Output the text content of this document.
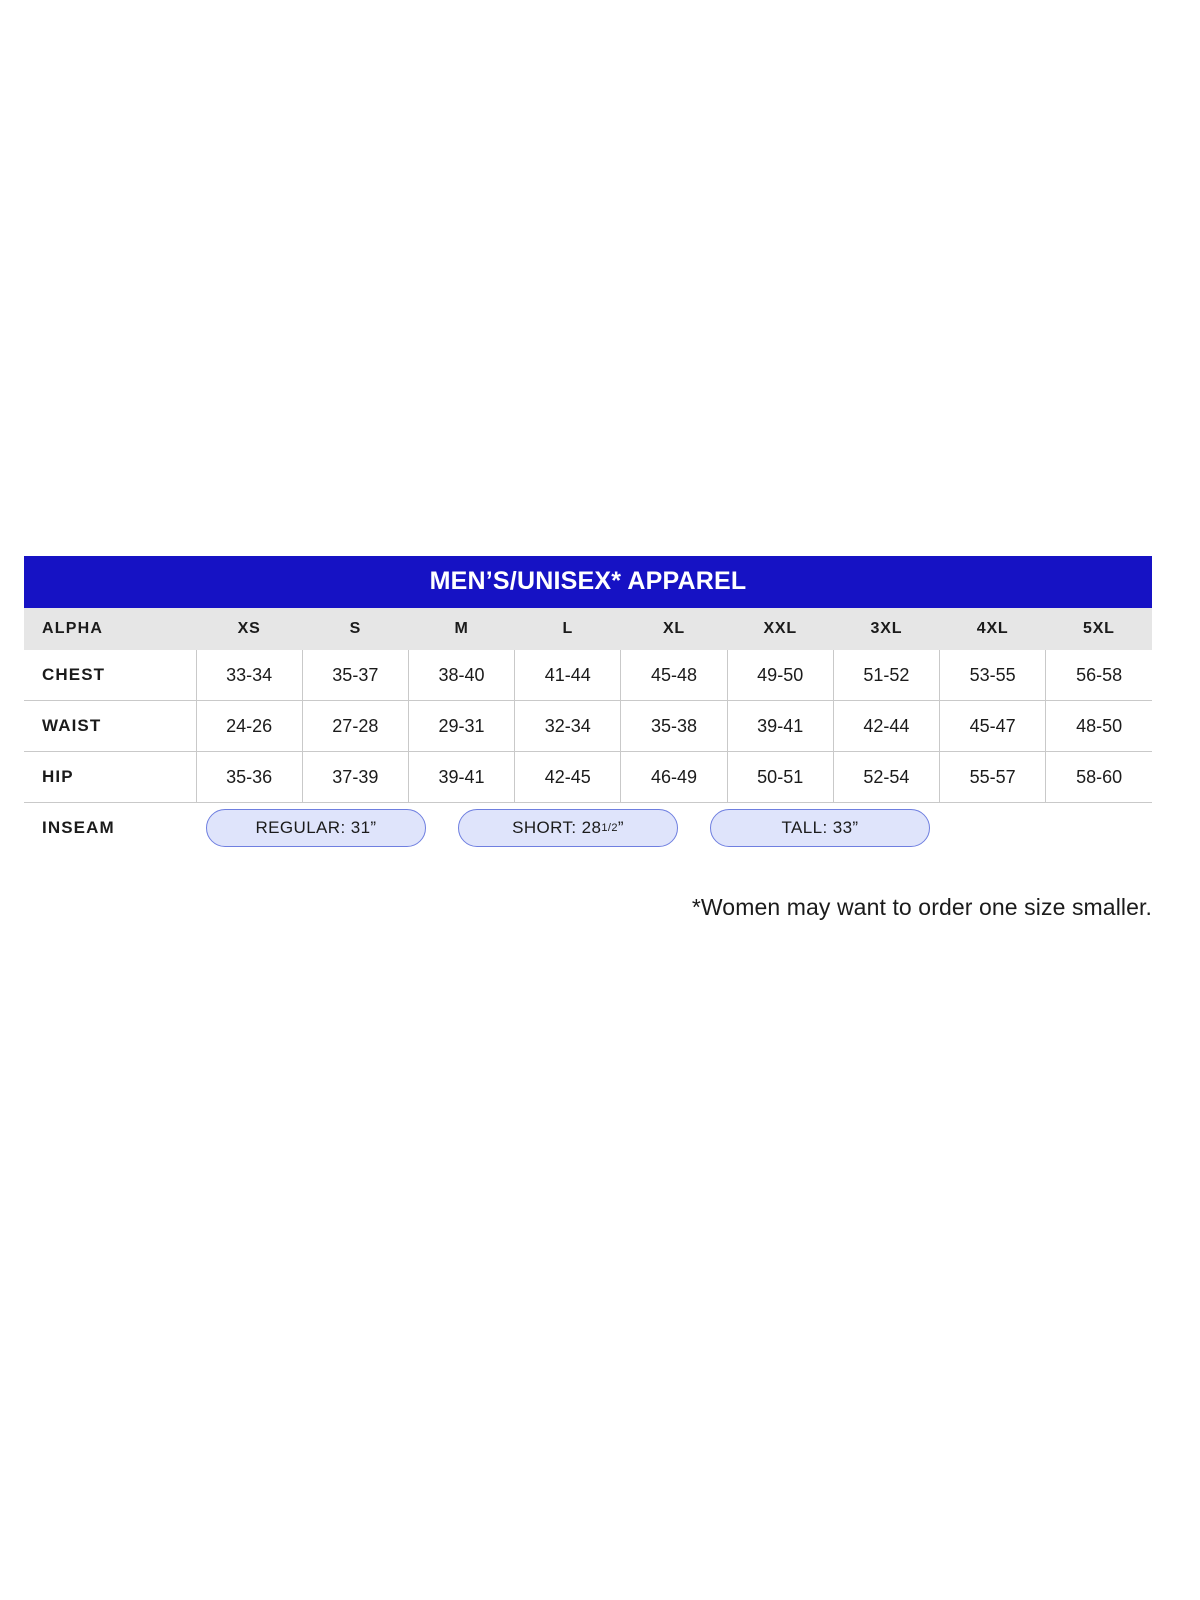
MEN’S/UNISEX* APPAREL
ALPHA	XS	S	M	L	XL	XXL	3XL	4XL	5XL
CHEST	33-34	35-37	38-40	41-44	45-48	49-50	51-52	53-55	56-58
WAIST	24-26	27-28	29-31	32-34	35-38	39-41	42-44	45-47	48-50
HIP	35-36	37-39	39-41	42-45	46-49	50-51	52-54	55-57	58-60
INSEAM	REGULAR: 31” SHORT: 28 1/2 ” TALL: 33”								
*Women may want to order one size smaller.
